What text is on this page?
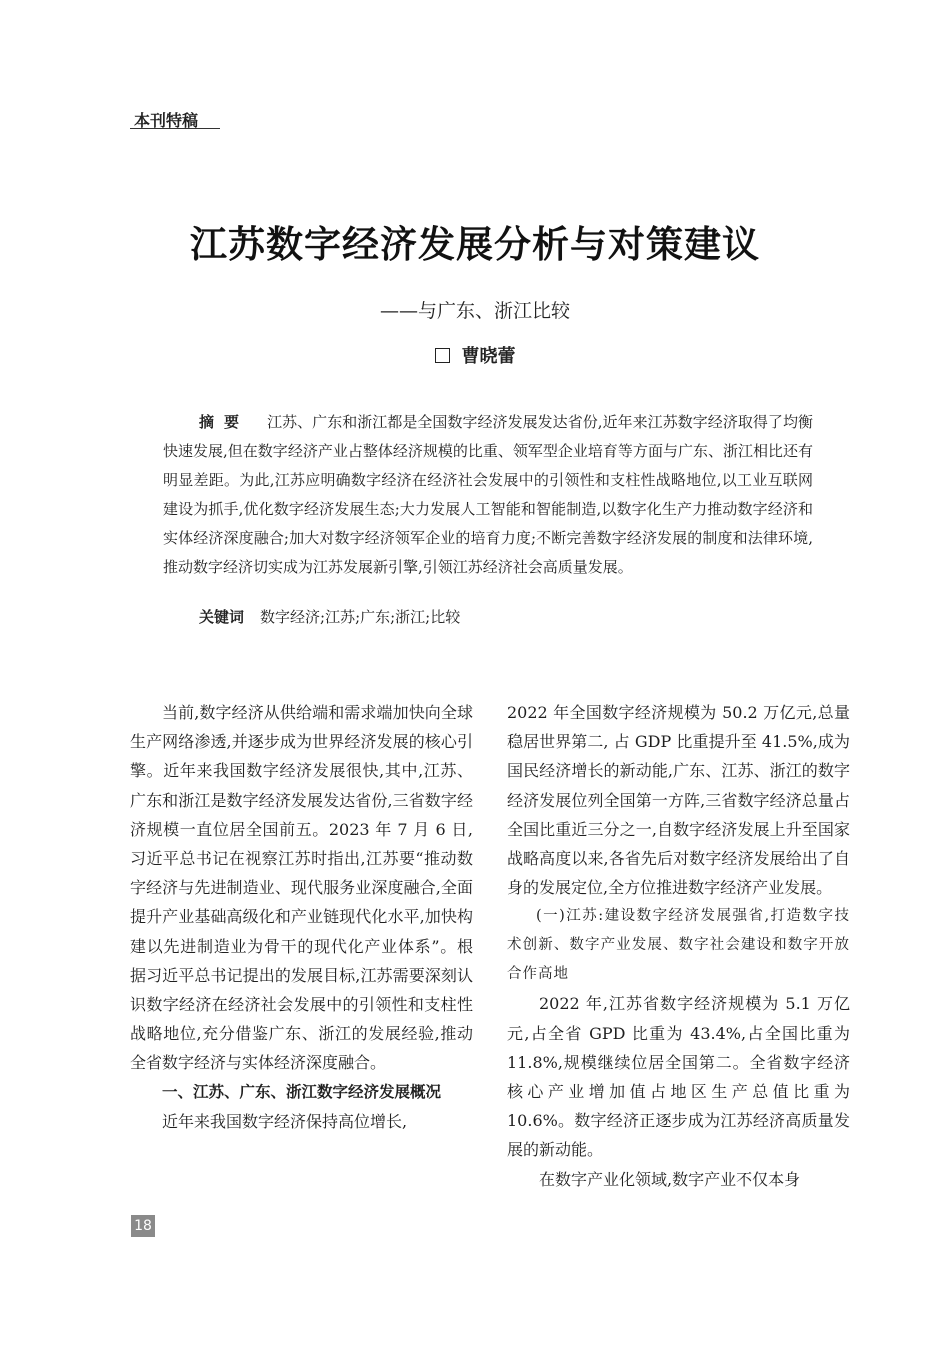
本刊特稿
江苏数字经济发展分析与对策建议
——与广东、浙江比较
曹晓蕾
摘要 江苏、广东和浙江都是全国数字经济发展发达省份,近年来江苏数字经济取得了均衡快速发展,但在数字经济产业占整体经济规模的比重、领军型企业培育等方面与广东、浙江相比还有明显差距。为此,江苏应明确数字经济在经济社会发展中的引领性和支柱性战略地位,以工业互联网建设为抓手,优化数字经济发展生态;大力发展人工智能和智能制造,以数字化生产力推动数字经济和实体经济深度融合;加大对数字经济领军企业的培育力度;不断完善数字经济发展的制度和法律环境,推动数字经济切实成为江苏发展新引擎,引领江苏经济社会高质量发展。
关键词 数字经济;江苏;广东;浙江;比较

当前,数字经济从供给端和需求端加快向全球生产网络渗透,并逐步成为世界经济发展的核心引擎。近年来我国数字经济发展很快,其中,江苏、广东和浙江是数字经济发展发达省份,三省数字经济规模一直位居全国前五。2023 年 7 月 6 日,习近平总书记在视察江苏时指出,江苏要“推动数字经济与先进制造业、现代服务业深度融合,全面提升产业基础高级化和产业链现代化水平,加快构建以先进制造业为骨干的现代化产业体系”。根据习近平总书记提出的发展目标,江苏需要深刻认识数字经济在经济社会发展中的引领性和支柱性战略地位,充分借鉴广东、浙江的发展经验,推动全省数字经济与实体经济深度融合。

一、江苏、广东、浙江数字经济发展概况

近年来我国数字经济保持高位增长,

2022 年全国数字经济规模为 50.2 万亿元,总量稳居世界第二, 占 GDP 比重提升至 41.5%,成为国民经济增长的新动能,广东、江苏、浙江的数字经济发展位列全国第一方阵,三省数字经济总量占全国比重近三分之一,自数字经济发展上升至国家战略高度以来,各省先后对数字经济发展给出了自身的发展定位,全方位推进数字经济产业发展。

(一)江苏:建设数字经济发展强省,打造数字技术创新、数字产业发展、数字社会建设和数字开放合作高地

2022 年,江苏省数字经济规模为 5.1 万亿元,占全省 GPD 比重为 43.4%,占全国比重为 11.8%,规模继续位居全国第二。全省数字经济核心产业增加值占地区生产总值比重为 10.6%。数字经济正逐步成为江苏经济高质量发展的新动能。

在数字产业化领域,数字产业不仅本身

18
